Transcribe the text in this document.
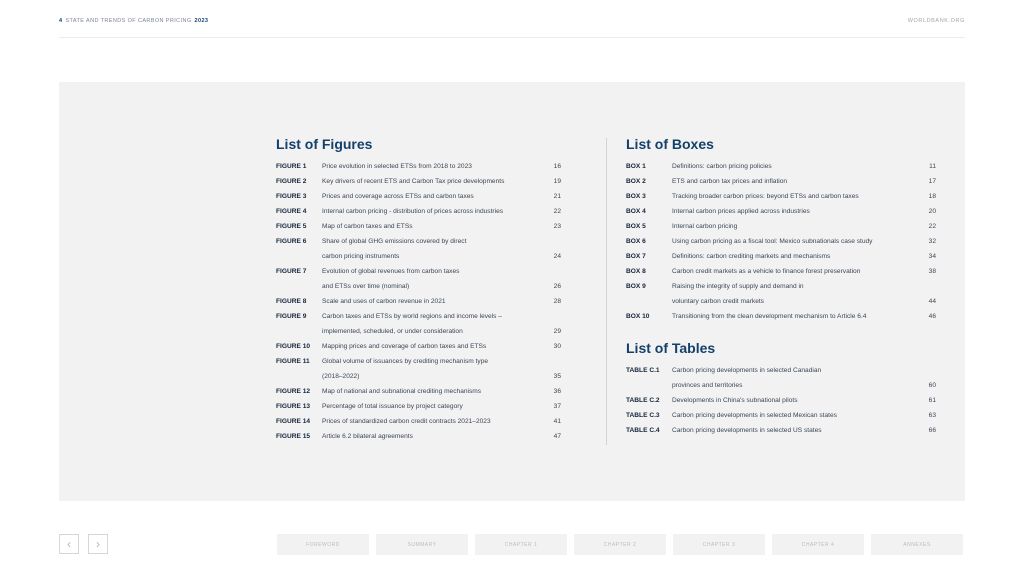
4 STATE AND TRENDS OF CARBON PRICING 2023	WORLDBANK.ORG
List of Figures
FIGURE 1	Price evolution in selected ETSs from 2018 to 2023	16
FIGURE 2	Key drivers of recent ETS and Carbon Tax price developments	19
FIGURE 3	Prices and coverage across ETSs and carbon taxes	21
FIGURE 4	Internal carbon pricing - distribution of prices across industries	22
FIGURE 5	Map of carbon taxes and ETSs	23
FIGURE 6	Share of global GHG emissions covered by direct
carbon pricing instruments	24
FIGURE 7	Evolution of global revenues from carbon taxes
and ETSs over time (nominal)	26
FIGURE 8	Scale and uses of carbon revenue in 2021	28
FIGURE 9	Carbon taxes and ETSs by world regions and income levels –
implemented, scheduled, or under consideration	29
FIGURE 10	Mapping prices and coverage of carbon taxes and ETSs	30
FIGURE 11	Global volume of issuances by crediting mechanism type
(2018–2022)	35
FIGURE 12	Map of national and subnational crediting mechanisms	36
FIGURE 13	Percentage of total issuance by project category	37
FIGURE 14	Prices of standardized carbon credit contracts 2021–2023	41
FIGURE 15	Article 6.2 bilateral agreements	47
List of Boxes
BOX 1	Definitions: carbon pricing policies	11
BOX 2	ETS and carbon tax prices and inflation	17
BOX 3	Tracking broader carbon prices: beyond ETSs and carbon taxes	18
BOX 4	Internal carbon prices applied across industries	20
BOX 5	Internal carbon pricing	22
BOX 6	Using carbon pricing as a fiscal tool: Mexico subnationals case study	32
BOX 7	Definitions: carbon crediting markets and mechanisms	34
BOX 8	Carbon credit markets as a vehicle to finance forest preservation	38
BOX 9	Raising the integrity of supply and demand in
voluntary carbon credit markets	44
BOX 10	Transitioning from the clean development mechanism to Article 6.4	46
List of Tables
TABLE C.1	Carbon pricing developments in selected Canadian
provinces and territories	60
TABLE C.2	Developments in China's subnational pilots	61
TABLE C.3	Carbon pricing developments in selected Mexican states	63
TABLE C.4	Carbon pricing developments in selected US states	66
‹ ›	FOREWORD	SUMMARY	CHAPTER 1	CHAPTER 2	CHAPTER 3	CHAPTER 4	ANNEXES
